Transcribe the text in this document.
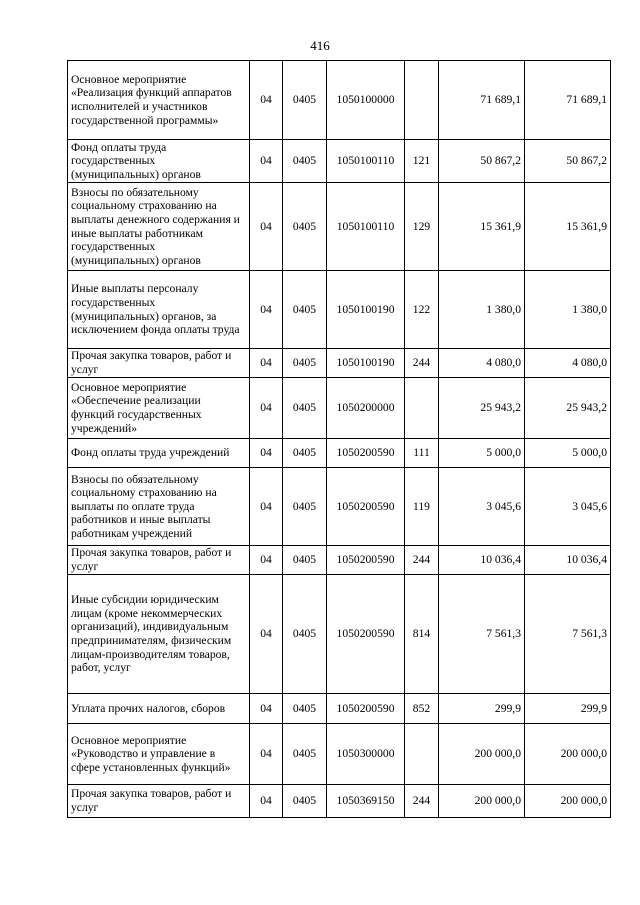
416
Основное мероприятие «Реализация функций аппаратов исполнителей и участников государственной программы»	04	0405	1050100000		71 689,1	71 689,1
Фонд оплаты труда государственных (муниципальных) органов	04	0405	1050100110	121	50 867,2	50 867,2
Взносы по обязательному социальному страхованию на выплаты денежного содержания и иные выплаты работникам государственных (муниципальных) органов	04	0405	1050100110	129	15 361,9	15 361,9
Иные выплаты персоналу государственных (муниципальных) органов, за исключением фонда оплаты труда	04	0405	1050100190	122	1 380,0	1 380,0
Прочая закупка товаров, работ и услуг	04	0405	1050100190	244	4 080,0	4 080,0
Основное мероприятие «Обеспечение реализации функций государственных учреждений»	04	0405	1050200000		25 943,2	25 943,2
Фонд оплаты труда учреждений	04	0405	1050200590	111	5 000,0	5 000,0
Взносы по обязательному социальному страхованию на выплаты по оплате труда работников и иные выплаты работникам учреждений	04	0405	1050200590	119	3 045,6	3 045,6
Прочая закупка товаров, работ и услуг	04	0405	1050200590	244	10 036,4	10 036,4
Иные субсидии юридическим лицам (кроме некоммерческих организаций), индивидуальным предпринимателям, физическим лицам-производителям товаров, работ, услуг	04	0405	1050200590	814	7 561,3	7 561,3
Уплата прочих налогов, сборов	04	0405	1050200590	852	299,9	299,9
Основное мероприятие «Руководство и управление в сфере установленных функций»	04	0405	1050300000		200 000,0	200 000,0
Прочая закупка товаров, работ и услуг	04	0405	1050369150	244	200 000,0	200 000,0
